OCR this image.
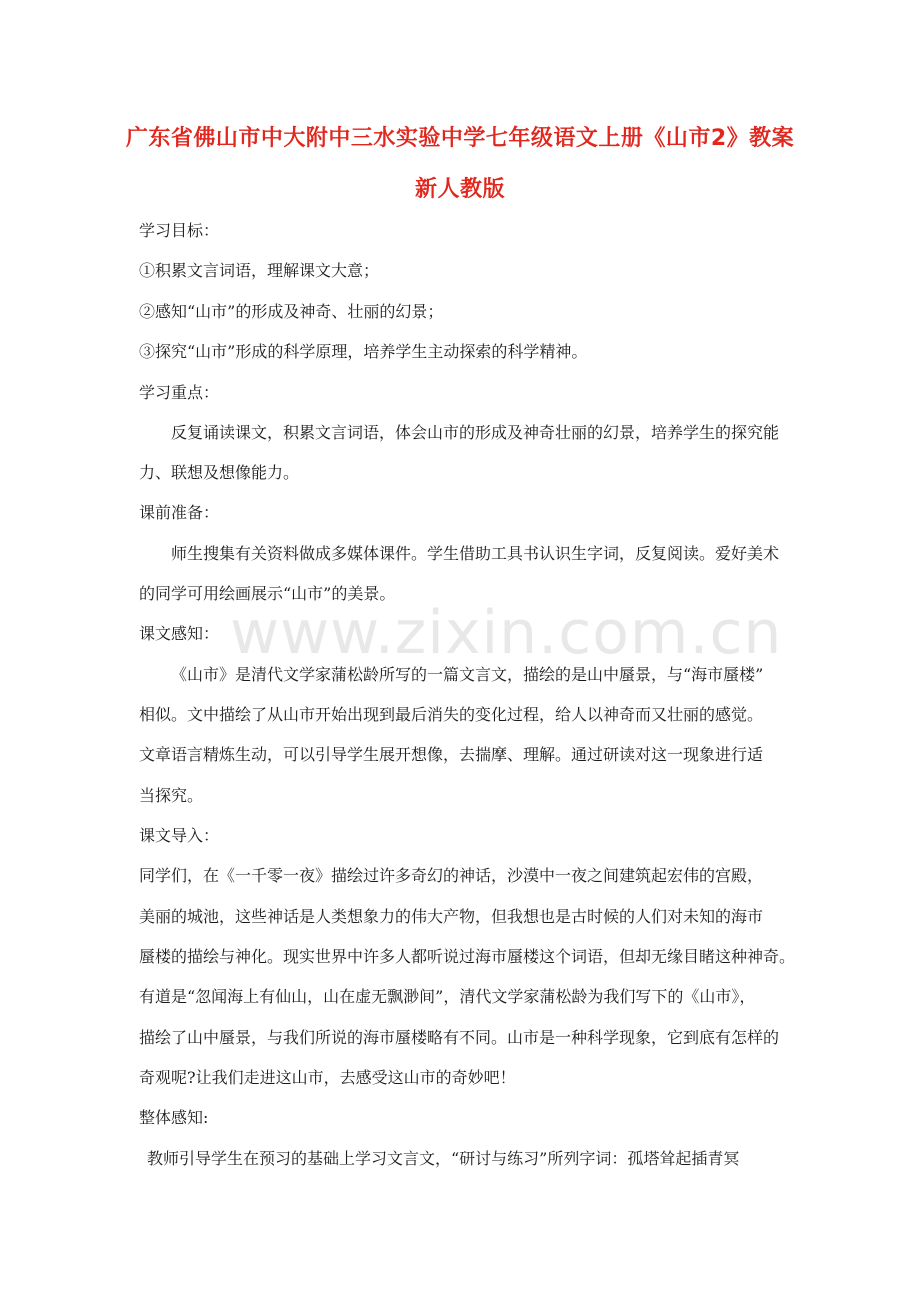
广东省佛山市中大附中三水实验中学七年级语文上册《山市2》教案
新人教版
www.zixin.com.cn

学习目标：

①积累文言词语，理解课文大意；

②感知“山市”的形成及神奇、壮丽的幻景；

③探究“山市”形成的科学原理，培养学生主动探索的科学精神。

学习重点：

反复诵读课文，积累文言词语，体会山市的形成及神奇壮丽的幻景，培养学生的探究能

力、联想及想像能力。

课前准备：

师生搜集有关资料做成多媒体课件。学生借助工具书认识生字词，反复阅读。爱好美术

的同学可用绘画展示“山市”的美景。

课文感知：

《山市》是清代文学家蒲松龄所写的一篇文言文，描绘的是山中蜃景，与“海市蜃楼”

相似。文中描绘了从山市开始出现到最后消失的变化过程，给人以神奇而又壮丽的感觉。

文章语言精炼生动，可以引导学生展开想像，去揣摩、理解。通过研读对这一现象进行适

当探究。

课文导入：

同学们，在《一千零一夜》描绘过许多奇幻的神话，沙漠中一夜之间建筑起宏伟的宫殿，

美丽的城池，这些神话是人类想象力的伟大产物，但我想也是古时候的人们对未知的海市

蜃楼的描绘与神化。现实世界中许多人都听说过海市蜃楼这个词语，但却无缘目睹这种神奇。

有道是“忽闻海上有仙山，山在虚无飘渺间”，清代文学家蒲松龄为我们写下的《山市》，

描绘了山中蜃景，与我们所说的海市蜃楼略有不同。山市是一种科学现象，它到底有怎样的

奇观呢?让我们走进这山市，去感受这山市的奇妙吧！

整体感知:

教师引导学生在预习的基础上学习文言文，“研讨与练习”所列字词：孤塔耸起插青冥
